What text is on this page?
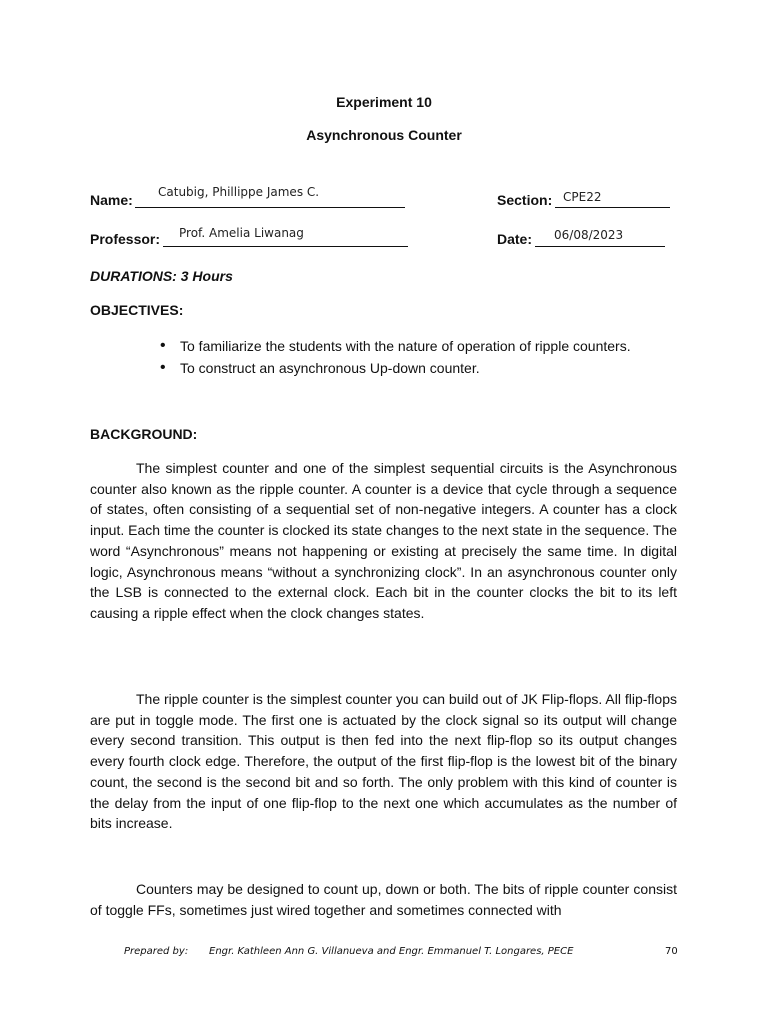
Experiment 10
Asynchronous Counter
Name: Catubig, Phillippe James C.	Section: CPE22
Professor: Prof. Amelia Liwanag	Date: 06/08/2023
DURATIONS: 3 Hours
OBJECTIVES:
• To familiarize the students with the nature of operation of ripple counters.
• To construct an asynchronous Up-down counter.
BACKGROUND:

The simplest counter and one of the simplest sequential circuits is the Asynchronous counter also known as the ripple counter. A counter is a device that cycle through a sequence of states, often consisting of a sequential set of non-negative integers. A counter has a clock input. Each time the counter is clocked its state changes to the next state in the sequence. The word “Asynchronous” means not happening or existing at precisely the same time. In digital logic, Asynchronous means “without a synchronizing clock”. In an asynchronous counter only the LSB is connected to the external clock. Each bit in the counter clocks the bit to its left causing a ripple effect when the clock changes states.

The ripple counter is the simplest counter you can build out of JK Flip-flops. All flip-flops are put in toggle mode. The first one is actuated by the clock signal so its output will change every second transition. This output is then fed into the next flip-flop so its output changes every fourth clock edge. Therefore, the output of the first flip-flop is the lowest bit of the binary count, the second is the second bit and so forth. The only problem with this kind of counter is the delay from the input of one flip-flop to the next one which accumulates as the number of bits increase.

Counters may be designed to count up, down or both. The bits of ripple counter consist of toggle FFs, sometimes just wired together and sometimes connected with

Prepared by: Engr. Kathleen Ann G. Villanueva and Engr. Emmanuel T. Longares, PECE	70
